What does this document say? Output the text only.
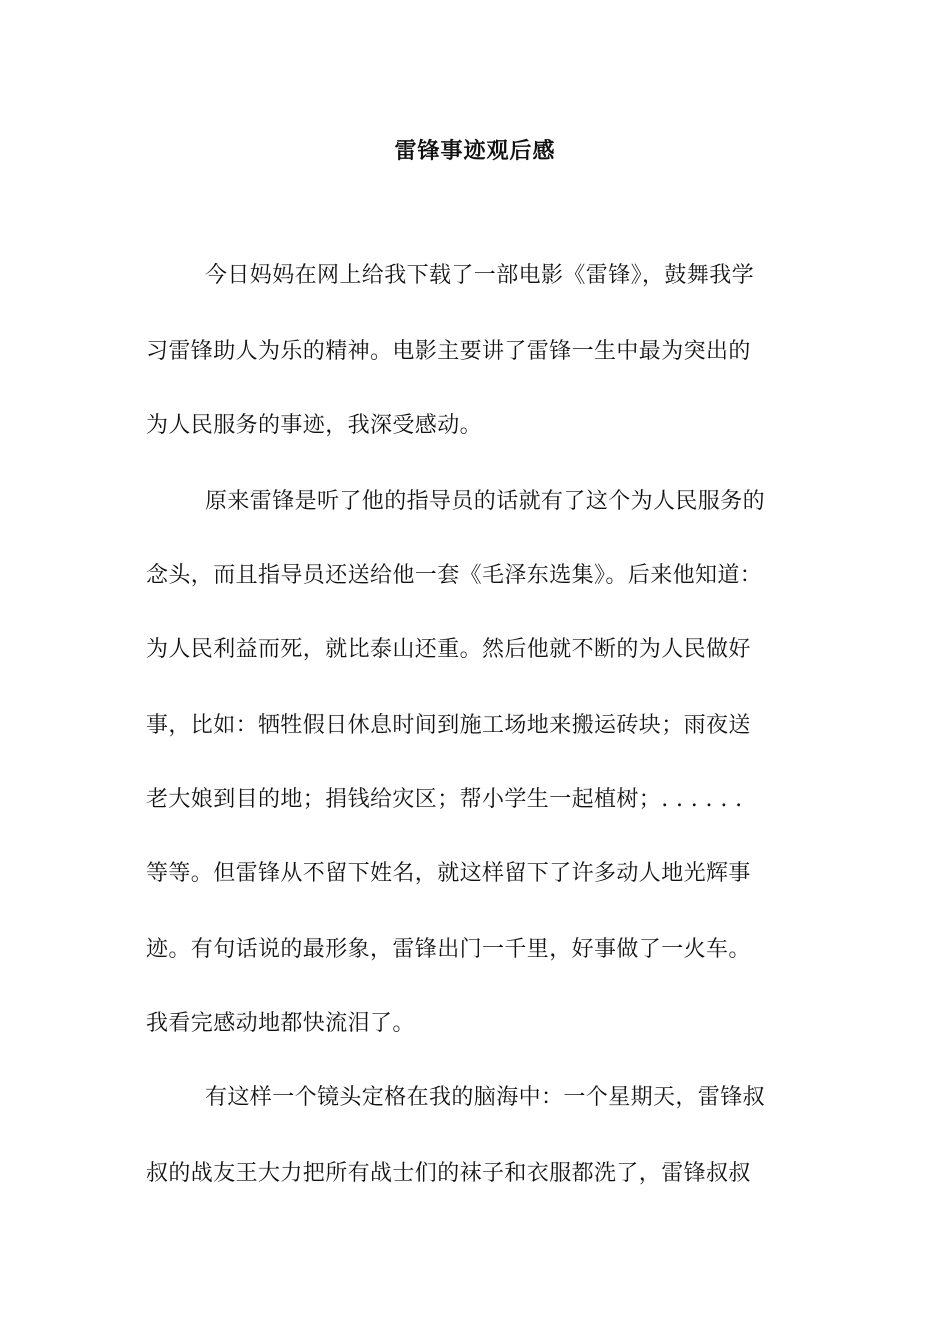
雷锋事迹观后感
今日妈妈在网上给我下载了一部电影《雷锋》，鼓舞我学
习雷锋助人为乐的精神。电影主要讲了雷锋一生中最为突出的
为人民服务的事迹，我深受感动。
原来雷锋是听了他的指导员的话就有了这个为人民服务的
念头，而且指导员还送给他一套《毛泽东选集》。后来他知道：
为人民利益而死，就比泰山还重。然后他就不断的为人民做好
事，比如：牺牲假日休息时间到施工场地来搬运砖块；雨夜送
老大娘到目的地；捐钱给灾区；帮小学生一起植树；. . . . . .
等等。但雷锋从不留下姓名，就这样留下了许多动人地光辉事
迹。有句话说的最形象，雷锋出门一千里，好事做了一火车。
我看完感动地都快流泪了。
有这样一个镜头定格在我的脑海中：一个星期天，雷锋叔
叔的战友王大力把所有战士们的袜子和衣服都洗了，雷锋叔叔
